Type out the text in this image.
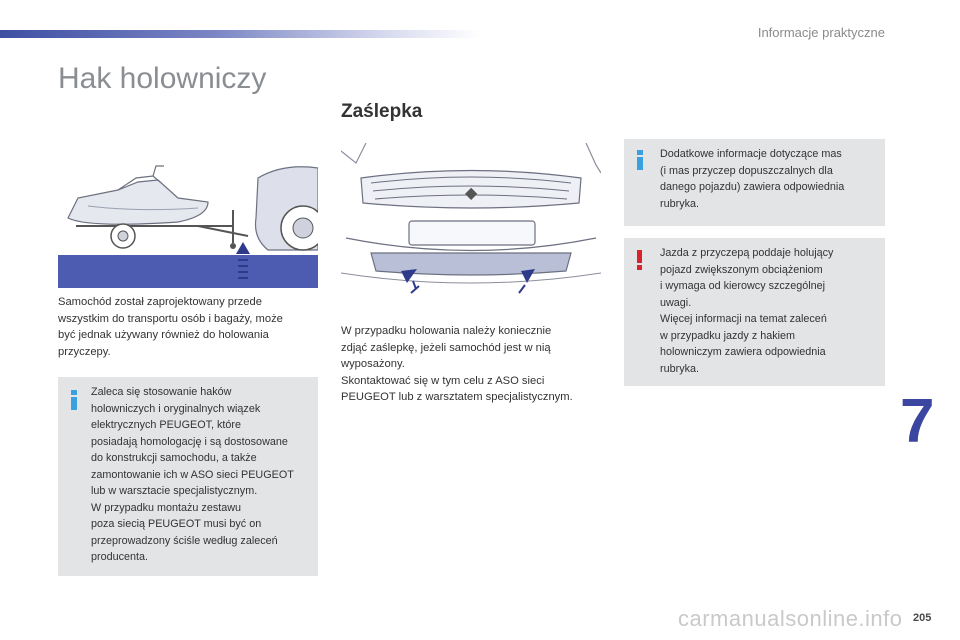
Informacje praktyczne
Hak holowniczy

Samochód został zaprojektowany przede
wszystkim do transportu osób i bagaży, może
być jednak używany również do holowania
przyczepy.

Zaleca się stosowanie haków
holowniczych i oryginalnych wiązek
elektrycznych PEUGEOT, które
posiadają homologację i są dostosowane
do konstrukcji samochodu, a także
zamontowanie ich w ASO sieci PEUGEOT
lub w warsztacie specjalistycznym.
W przypadku montażu zestawu
poza siecią PEUGEOT musi być on
przeprowadzony ściśle według zaleceń
producenta.
Zaślepka
◆

W przypadku holowania należy koniecznie
zdjąć zaślepkę, jeżeli samochód jest w nią
wyposażony.
Skontaktować się w tym celu z ASO sieci
PEUGEOT lub z warsztatem specjalistycznym.

Dodatkowe informacje dotyczące mas
(i mas przyczep dopuszczalnych dla
danego pojazdu) zawiera odpowiednia
rubryka.
Jazda z przyczepą poddaje holujący
pojazd zwiększonym obciążeniom
i wymaga od kierowcy szczególnej
uwagi.
Więcej informacji na temat zaleceń
w przypadku jazdy z hakiem
holowniczym zawiera odpowiednia
rubryka.
7
carmanualsonline.info 205
